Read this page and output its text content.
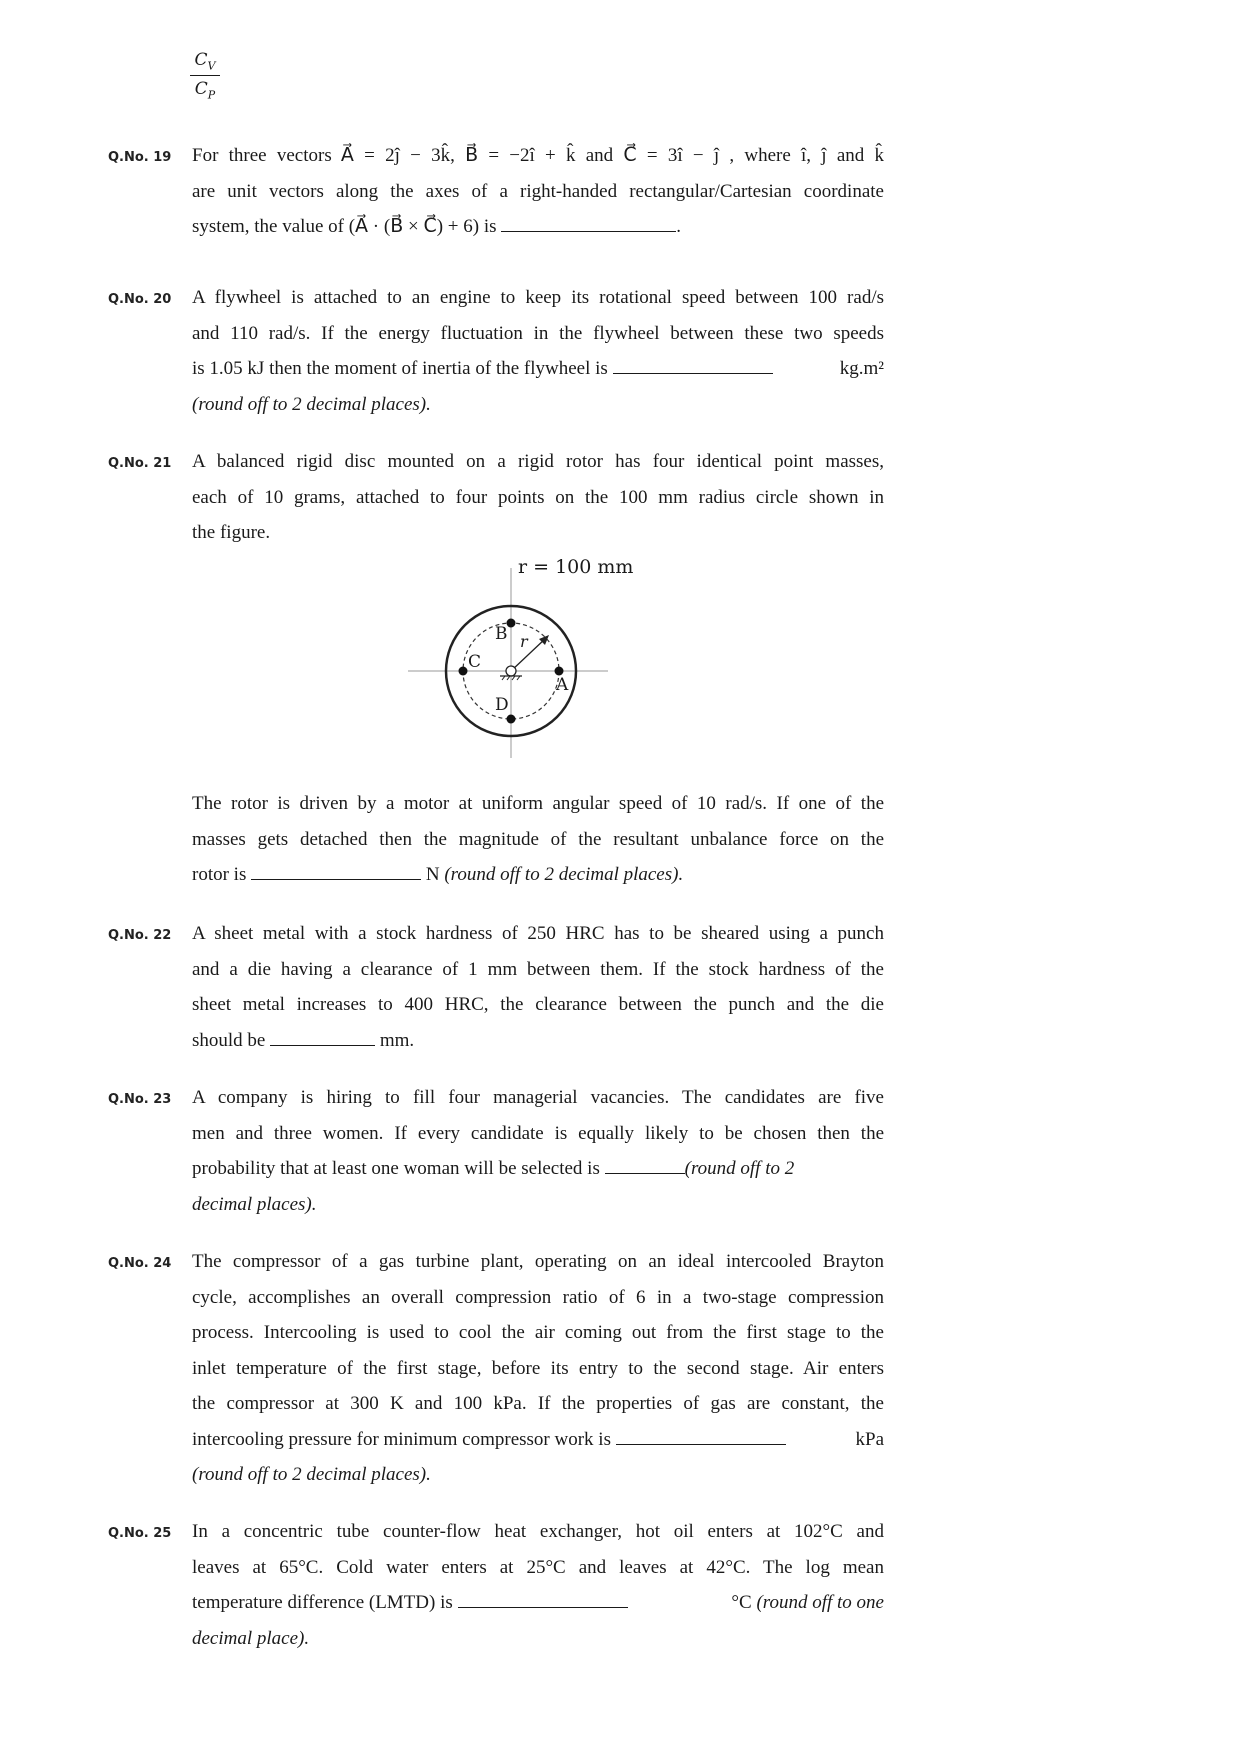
$C_V$
$C_P$
Q.No. 19 For three vectors A⃗ = 2ĵ − 3k̂, B⃗ = −2î + k̂ and C⃗ = 3î − ĵ , where î, ĵ and k̂
are unit vectors along the axes of a right-handed rectangular/Cartesian coordinate
system, the value of (A⃗ · (B⃗ × C⃗) + 6) is	.
Q.No. 20 A flywheel is attached to an engine to keep its rotational speed between 100 rad/s
and 110 rad/s. If the energy fluctuation in the flywheel between these two speeds
is 1.05 kJ then the moment of inertia of the flywheel is	kg.m²
(round off to 2 decimal places).
Q.No. 21 A balanced rigid disc mounted on a rigid rotor has four identical point masses,
each of 10 grams, attached to four points on the 100 mm radius circle shown in
the figure.
r = 100 mm
A
B
C
D
r
The rotor is driven by a motor at uniform angular speed of 10 rad/s. If one of the
masses gets detached then the magnitude of the resultant unbalance force on the
rotor is	N (round off to 2 decimal places).
Q.No. 22 A sheet metal with a stock hardness of 250 HRC has to be sheared using a punch
and a die having a clearance of 1 mm between them. If the stock hardness of the
sheet metal increases to 400 HRC, the clearance between the punch and the die
should be	mm.
Q.No. 23 A company is hiring to fill four managerial vacancies. The candidates are five
men and three women. If every candidate is equally likely to be chosen then the
probability that at least one woman will be selected is	(round off to 2
decimal places).
Q.No. 24 The compressor of a gas turbine plant, operating on an ideal intercooled Brayton
cycle, accomplishes an overall compression ratio of 6 in a two-stage compression
process. Intercooling is used to cool the air coming out from the first stage to the
inlet temperature of the first stage, before its entry to the second stage. Air enters
the compressor at 300 K and 100 kPa. If the properties of gas are constant, the
intercooling pressure for minimum compressor work is	kPa
(round off to 2 decimal places).
Q.No. 25 In a concentric tube counter-flow heat exchanger, hot oil enters at 102°C and
leaves at 65°C. Cold water enters at 25°C and leaves at 42°C. The log mean
temperature difference (LMTD) is	°C (round off to one
decimal place).
